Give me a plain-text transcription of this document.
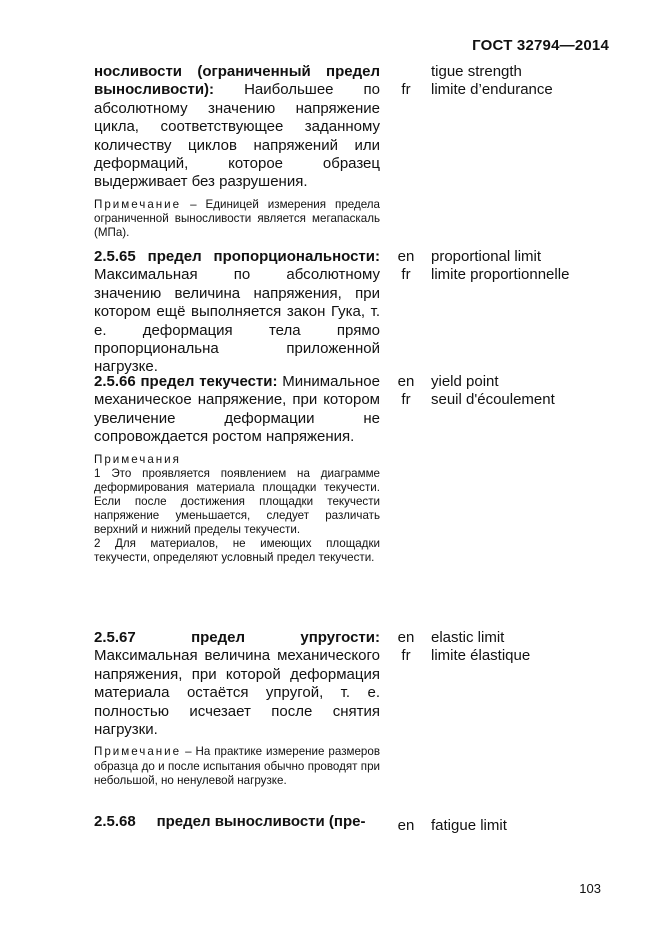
ГОСТ 32794—2014
носливости (ограниченный предел выносливости): Наибольшее по абсолютному значению напряжение цикла, соответствующее заданному количеству циклов напряжений или деформаций, которое образец выдерживает без разрушения.
Примечание – Единицей измерения предела ограниченной выносливости является мегапаскаль (МПа).

fr
tigue strength
limite d’endurance
2.5.65 предел пропорциональности: Максимальная по абсолютному значению величина напряжения, при котором ещё выполняется закон Гука, т. е. деформация тела прямо пропорциональна приложенной нагрузке.
en
fr
proportional limit
limite proportionnelle
2.5.66 предел текучести: Минимальное механическое напряжение, при котором увеличение деформации не сопровождается ростом напряжения.
Примечания
1 Это проявляется появлением на диаграмме деформирования материала площадки текучести. Если после достижения площадки текучести напряжение уменьшается, следует различать верхний и нижний пределы текучести.
2 Для материалов, не имеющих площадки текучести, определяют условный предел текучести.
en
fr
yield point
seuil d'écoulement
2.5.67	предел упругости: Максимальная величина механического напряжения, при которой деформация материала остаётся упругой, т. е. полностью исчезает после снятия нагрузки.
Примечание – На практике измерение размеров образца до и после испытания обычно проводят при небольшой, но ненулевой нагрузке.
en
fr
elastic limit
limite élastique
2.5.68 предел выносливости (пре-	en fatigue limit
103
